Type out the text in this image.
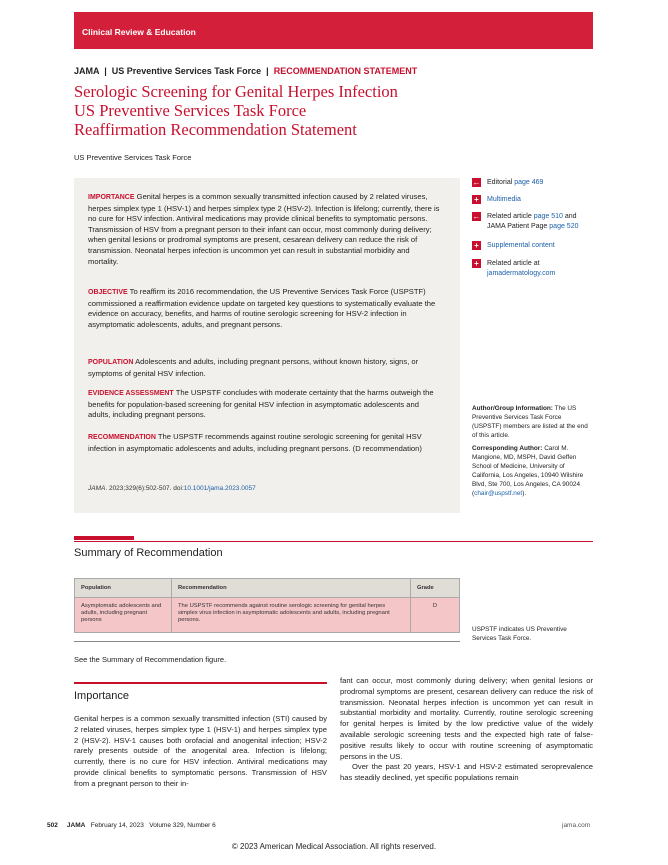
Clinical Review & Education
JAMA  |  US Preventive Services Task Force  |  RECOMMENDATION STATEMENT
Serologic Screening for Genital Herpes Infection
US Preventive Services Task Force
Reaffirmation Recommendation Statement
US Preventive Services Task Force
IMPORTANCE Genital herpes is a common sexually transmitted infection caused by 2 related viruses, herpes simplex type 1 (HSV-1) and herpes simplex type 2 (HSV-2). Infection is lifelong; currently, there is no cure for HSV infection. Antiviral medications may provide clinical benefits to symptomatic persons. Transmission of HSV from a pregnant person to their infant can occur, most commonly during delivery; when genital lesions or prodromal symptoms are present, cesarean delivery can reduce the risk of transmission. Neonatal herpes infection is uncommon yet can result in substantial morbidity and mortality.
OBJECTIVE To reaffirm its 2016 recommendation, the US Preventive Services Task Force (USPSTF) commissioned a reaffirmation evidence update on targeted key questions to systematically evaluate the evidence on accuracy, benefits, and harms of routine serologic screening for HSV-2 infection in asymptomatic adolescents, adults, and pregnant persons.
POPULATION Adolescents and adults, including pregnant persons, without known history, signs, or symptoms of genital HSV infection.
EVIDENCE ASSESSMENT The USPSTF concludes with moderate certainty that the harms outweigh the benefits for population-based screening for genital HSV infection in asymptomatic adolescents and adults, including pregnant persons.
RECOMMENDATION The USPSTF recommends against routine serologic screening for genital HSV infection in asymptomatic adolescents and adults, including pregnant persons. (D recommendation)
JAMA. 2023;329(6):502-507. doi:10.1001/jama.2023.0057
← Editorial page 469
+ Multimedia
← Related article page 510 and
JAMA Patient Page page 520
+ Supplemental content
+ Related article at
jamadermatology.com
Author/Group Information: The US Preventive Services Task Force (USPSTF) members are listed at the end of this article.
Corresponding Author: Carol M. Mangione, MD, MSPH, David Geffen School of Medicine, University of California, Los Angeles, 10940 Wilshire Blvd, Ste 700, Los Angeles, CA 90024 (chair@uspstf.net).
Summary of Recommendation
Population	Recommendation	Grade
Asymptomatic adolescents and adults, including pregnant persons	The USPSTF recommends against routine serologic screening for genital herpes simplex virus infection in asymptomatic adolescents and adults, including pregnant persons.	D
USPSTF indicates US Preventive Services Task Force.
See the Summary of Recommendation figure.
Importance
Genital herpes is a common sexually transmitted infection (STI) caused by 2 related viruses, herpes simplex type 1 (HSV-1) and herpes simplex type 2 (HSV-2). HSV-1 causes both orofacial and anogenital infection; HSV-2 rarely presents outside of the anogenital area. Infection is lifelong; currently, there is no cure for HSV infection. Antiviral medications may provide clinical benefits to symptomatic persons. Transmission of HSV from a pregnant person to their in-
fant can occur, most commonly during delivery; when genital lesions or prodromal symptoms are present, cesarean delivery can reduce the risk of transmission. Neonatal herpes infection is uncommon yet can result in substantial morbidity and mortality. Currently, routine serologic screening for genital herpes is limited by the low predictive value of the widely available serologic screening tests and the expected high rate of false-positive results likely to occur with routine screening of asymptomatic persons in the US.
Over the past 20 years, HSV-1 and HSV-2 estimated seroprevalence has steadily declined, yet specific populations remain
502 JAMA February 14, 2023 Volume 329, Number 6	jama.com
© 2023 American Medical Association. All rights reserved.
